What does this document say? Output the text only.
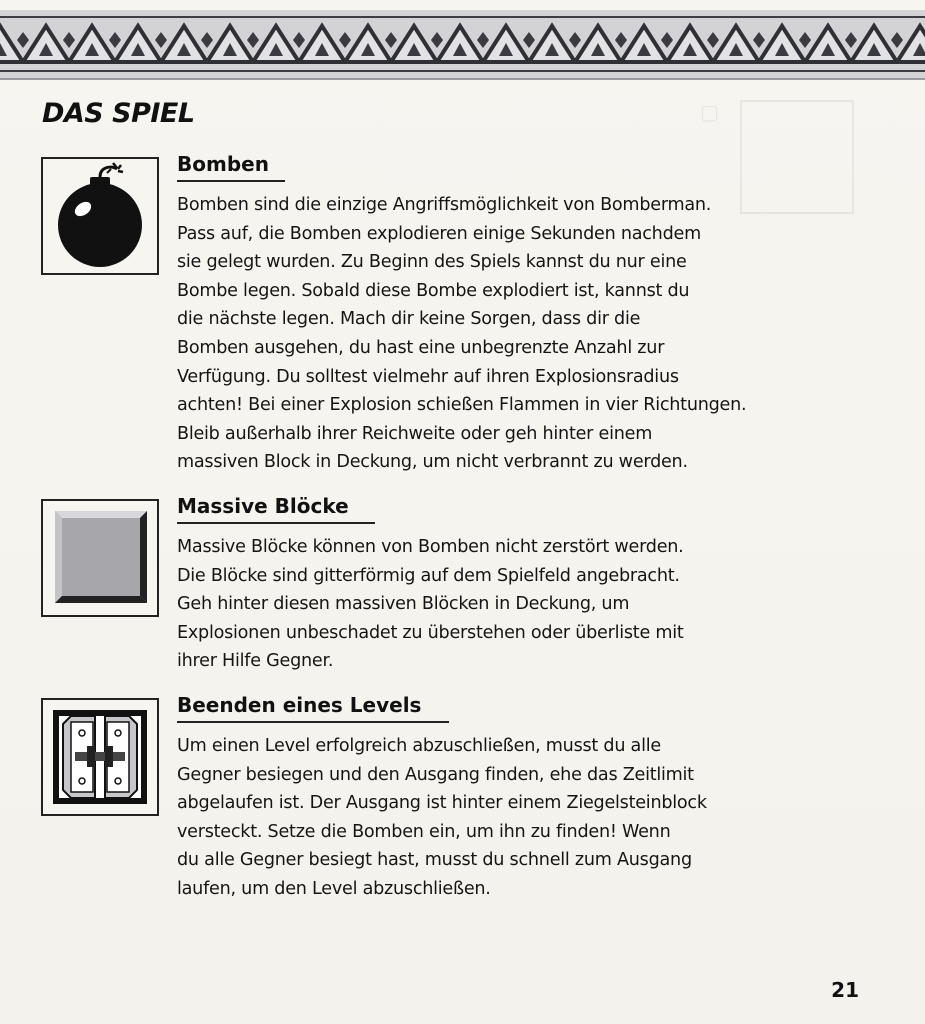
▢
DAS SPIEL
Bomben
Bomben sind die einzige Angriffsmöglichkeit von Bomberman.
Pass auf, die Bomben explodieren einige Sekunden nachdem
sie gelegt wurden. Zu Beginn des Spiels kannst du nur eine
Bombe legen. Sobald diese Bombe explodiert ist, kannst du
die nächste legen. Mach dir keine Sorgen, dass dir die
Bomben ausgehen, du hast eine unbegrenzte Anzahl zur
Verfügung. Du solltest vielmehr auf ihren Explosionsradius
achten! Bei einer Explosion schießen Flammen in vier Richtungen.
Bleib außerhalb ihrer Reichweite oder geh hinter einem
massiven Block in Deckung, um nicht verbrannt zu werden.
Massive Blöcke
Massive Blöcke können von Bomben nicht zerstört werden.
Die Blöcke sind gitterförmig auf dem Spielfeld angebracht.
Geh hinter diesen massiven Blöcken in Deckung, um
Explosionen unbeschadet zu überstehen oder überliste mit
ihrer Hilfe Gegner.
Beenden eines Levels
Um einen Level erfolgreich abzuschließen, musst du alle
Gegner besiegen und den Ausgang finden, ehe das Zeitlimit
abgelaufen ist. Der Ausgang ist hinter einem Ziegelsteinblock
versteckt. Setze die Bomben ein, um ihn zu finden! Wenn
du alle Gegner besiegt hast, musst du schnell zum Ausgang
laufen, um den Level abzuschließen.
21
